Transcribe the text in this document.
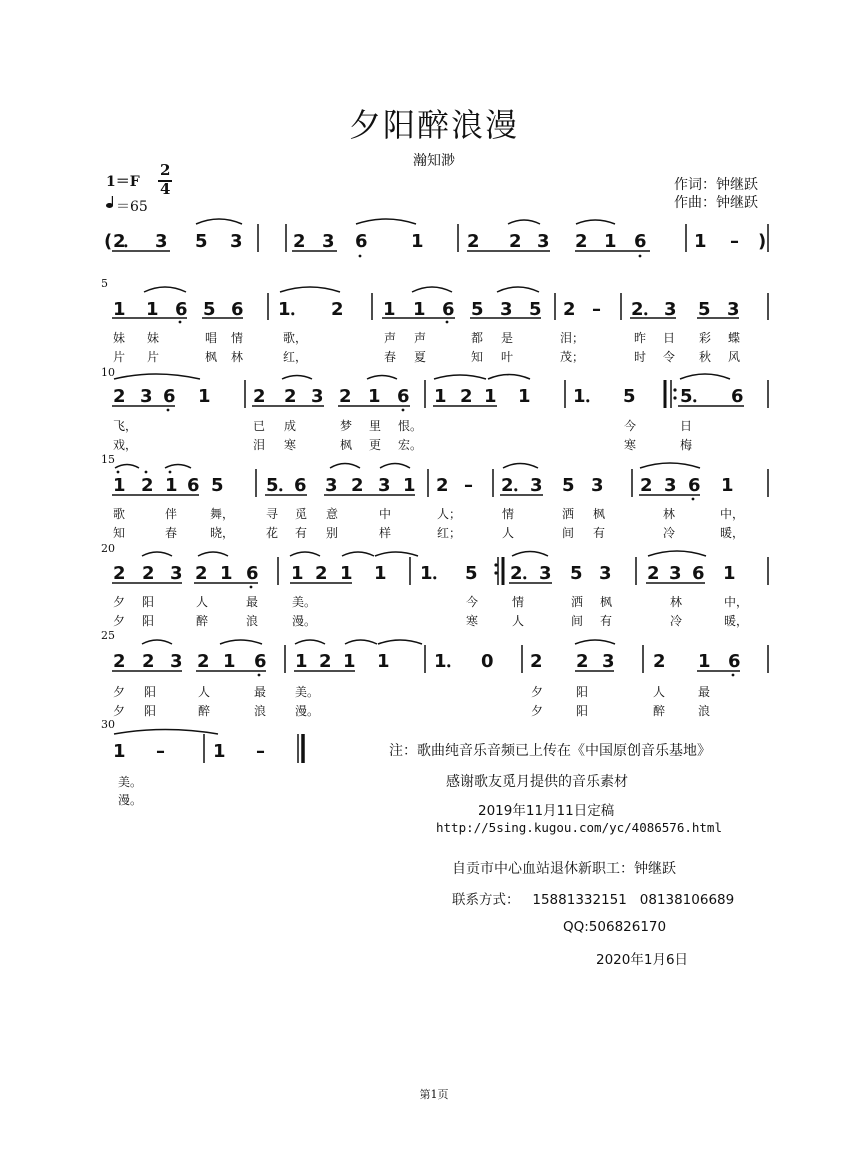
夕阳醉浪漫
瀚知渺
1＝F
2
4
＝65
作词：钟继跃
作曲：钟继跃
( 2
． 3 5 3	2 3 6 1 2 2 3 2 1 6	1 – )
5
1 1 6 5 6 1 ． 2 1 1 6 5 3 5 2 – 2 ． 3 5 3
妹 妹	唱 情	歌，	声 声	都 是	泪；	昨 日 彩 蝶
片 片	枫 林	红，	春 夏	知 叶	茂；	时 令 秋 风
10
2 3 6 1 2 2 3 2 1 6 1 2 1 1 1 ． 5 5 ． 6
飞，	已 成	梦 里 恨。	今	日
戏，	泪 寒	枫 更 宏。	寒	梅
15
1 2 1 6 5 5 ．
6 3 2 3 1 2 – 2 ． 3 5 3 2 3 6 1
歌	伴	舞，	寻 觅 意	中	人；	情	洒 枫	林	中，
知	春	晓，	花 有 别	样	红；	人	间 有	冷	暖，
20
2 2 3 2 1 6 1 2 1 1 1 ． 5 2 ． 3 5 3 2 3 6 1
夕 阳	人	最	美。	今	情	洒 枫	林	中，
夕 阳	醉	浪	漫。	寒	人	间 有	冷	暖，
25
2 2 3 2 1 6 1 2 1 1 1 ． 0 2 2 3 2 1 6
夕 阳	人	最 美。	夕	阳	人	最
夕 阳	醉	浪 漫。	夕	阳	醉	浪
30
1 –	1 –
美。
漫。
注：歌曲纯音乐音频已上传在《中国原创音乐基地》
感谢歌友觅月提供的音乐素材
2019年11月11日定稿
http://5sing.kugou.com/yc/4086576.html
自贡市中心血站退休新职工：钟继跃
联系方式：   15881332151   08138106689
QQ:506826170
2020年1月6日
第1页
